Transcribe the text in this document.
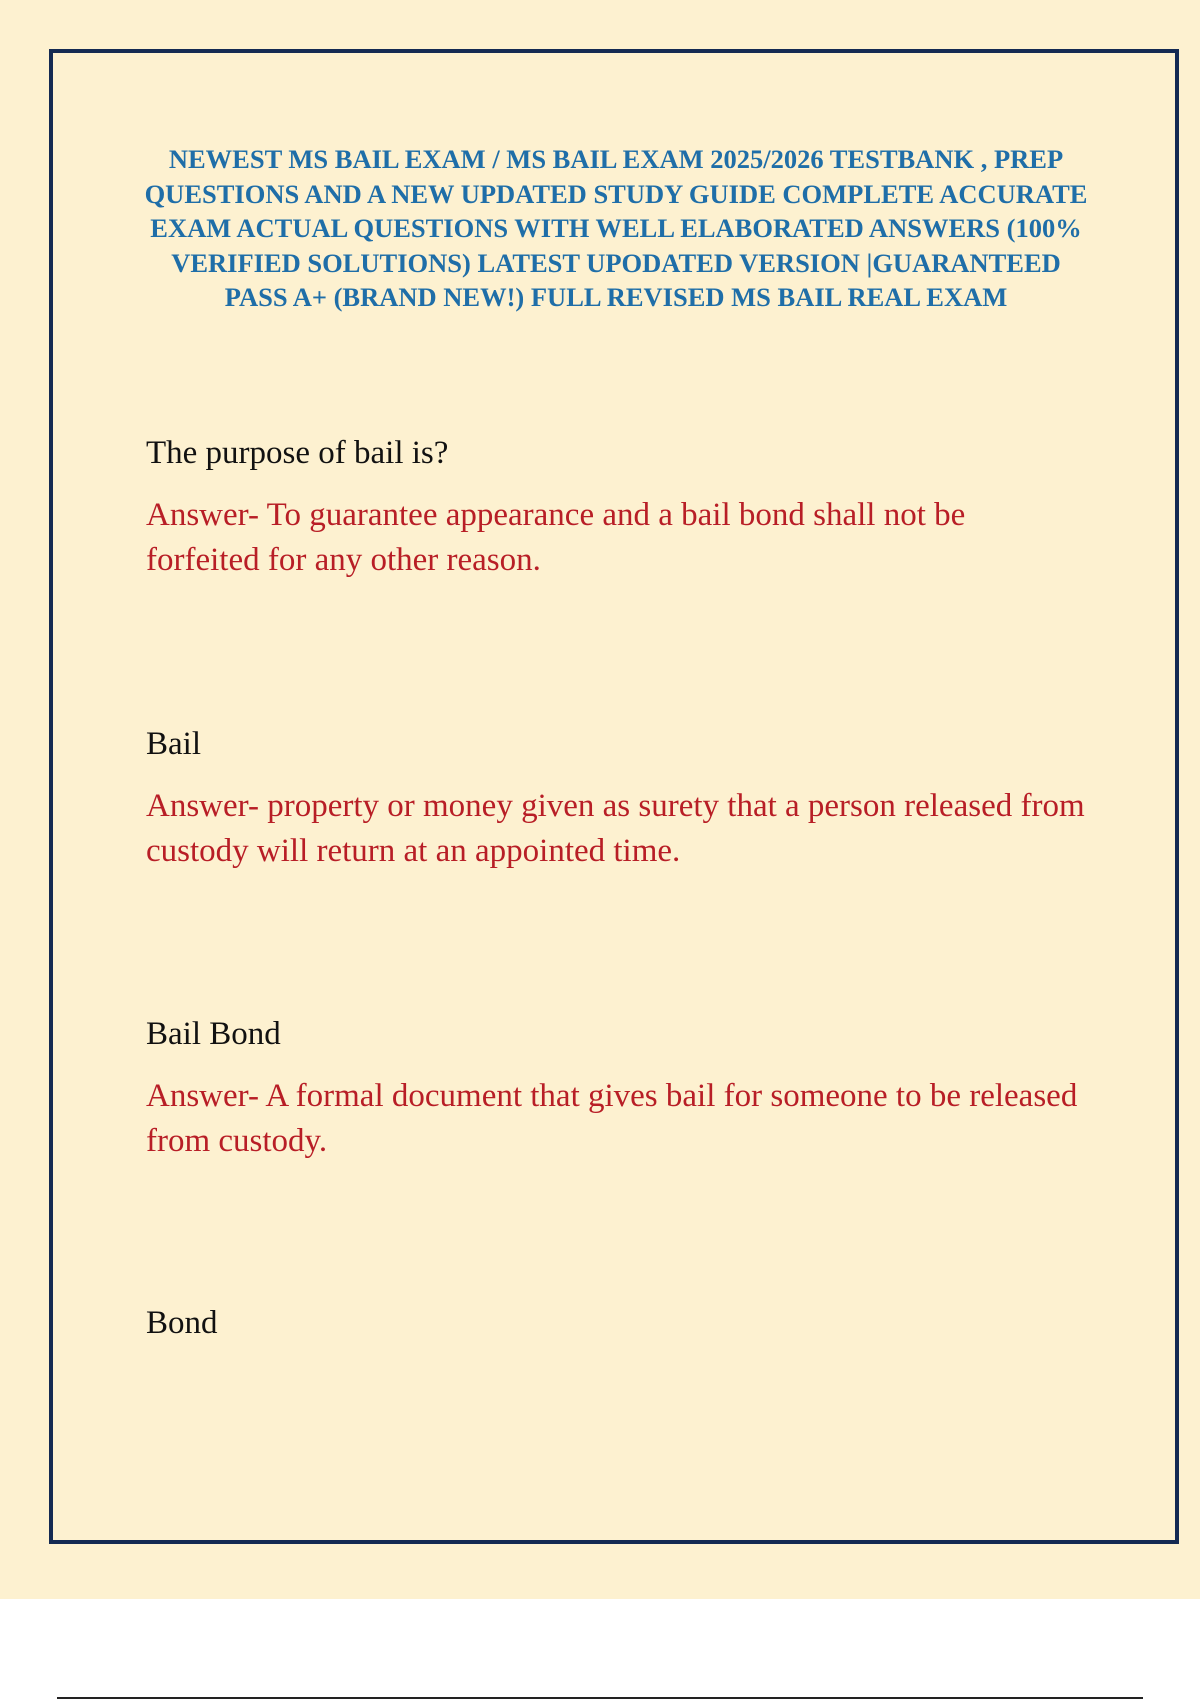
NEWEST MS BAIL EXAM / MS BAIL EXAM 2025/2026 TESTBANK , PREP QUESTIONS AND A NEW UPDATED STUDY GUIDE COMPLETE ACCURATE EXAM ACTUAL QUESTIONS WITH WELL ELABORATED ANSWERS (100% VERIFIED SOLUTIONS) LATEST UPODATED VERSION |GUARANTEED PASS A+ (BRAND NEW!) FULL REVISED MS BAIL REAL EXAM

The purpose of bail is?

Answer- To guarantee appearance and a bail bond shall not be forfeited for any other reason.

Bail

Answer- property or money given as surety that a person released from custody will return at an appointed time.

Bail Bond

Answer- A formal document that gives bail for someone to be released from custody.

Bond
